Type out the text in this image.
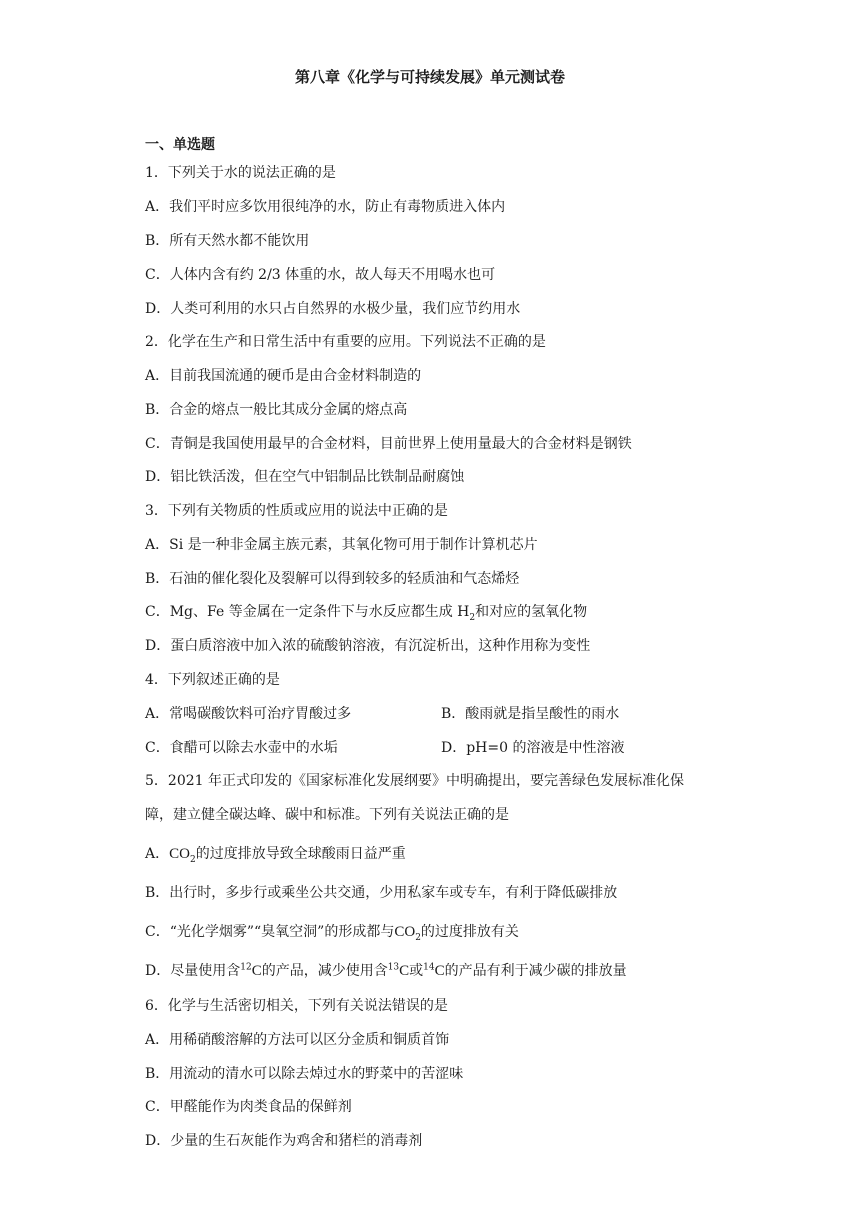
第八章《化学与可持续发展》单元测试卷
一、单选题
1．下列关于水的说法正确的是
A．我们平时应多饮用很纯净的水，防止有毒物质进入体内
B．所有天然水都不能饮用
C．人体内含有约 2/3 体重的水，故人每天不用喝水也可
D．人类可利用的水只占自然界的水极少量，我们应节约用水
2．化学在生产和日常生活中有重要的应用。下列说法不正确的是
A．目前我国流通的硬币是由合金材料制造的
B．合金的熔点一般比其成分金属的熔点高
C．青铜是我国使用最早的合金材料，目前世界上使用量最大的合金材料是钢铁
D．铝比铁活泼，但在空气中铝制品比铁制品耐腐蚀
3．下列有关物质的性质或应用的说法中正确的是
A．Si 是一种非金属主族元素，其氧化物可用于制作计算机芯片
B．石油的催化裂化及裂解可以得到较多的轻质油和气态烯烃
C．Mg、Fe 等金属在一定条件下与水反应都生成 $H_2$和对应的氢氧化物
D．蛋白质溶液中加入浓的硫酸钠溶液，有沉淀析出，这种作用称为变性
4．下列叙述正确的是
A．常喝碳酸饮料可治疗胃酸过多	B．酸雨就是指呈酸性的雨水
C．食醋可以除去水壶中的水垢	D．pH=0 的溶液是中性溶液
5．2021 年正式印发的《国家标准化发展纲要》中明确提出，要完善绿色发展标准化保
障，建立健全碳达峰、碳中和标准。下列有关说法正确的是
A．$CO_2$的过度排放导致全球酸雨日益严重
B．出行时，多步行或乘坐公共交通，少用私家车或专车，有利于降低碳排放
C．“光化学烟雾”“臭氧空洞”的形成都与$CO_2$的过度排放有关
D．尽量使用含$^{12}$C的产品，减少使用含$^{13}$C或$^{14}$C的产品有利于减少碳的排放量
6．化学与生活密切相关，下列有关说法错误的是
A．用稀硝酸溶解的方法可以区分金质和铜质首饰
B．用流动的清水可以除去焯过水的野菜中的苦涩味
C．甲醛能作为肉类食品的保鲜剂
D．少量的生石灰能作为鸡舍和猪栏的消毒剂
